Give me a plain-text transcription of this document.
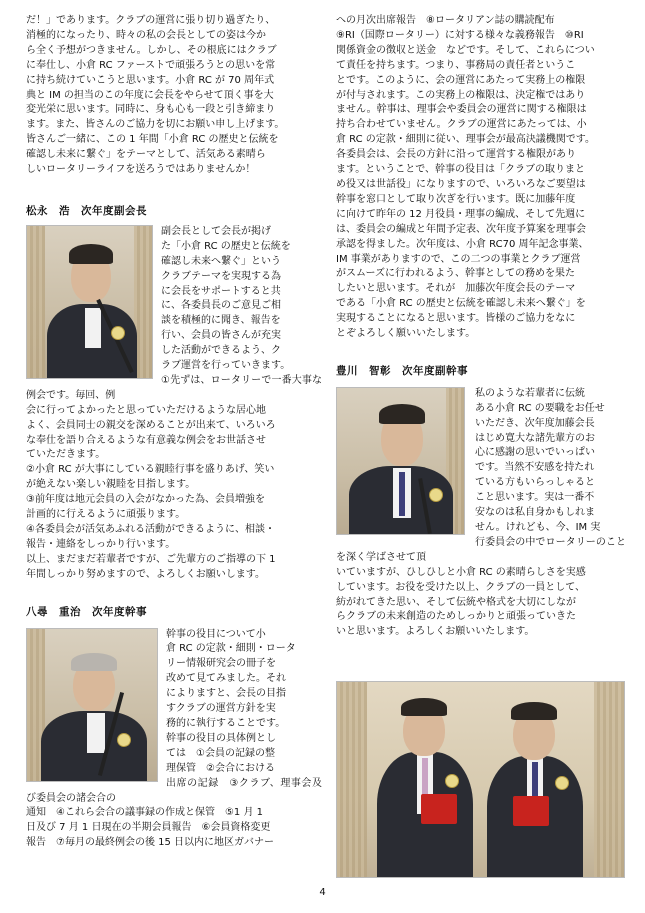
だ！」であります。クラブの運営に張り切り過ぎたり、

消極的になったり、時々の私の会長としての姿は今か

ら全く予想がつきません。しかし、その根底にはクラブ

に奉仕し、小倉 RC ファーストで頑張ろうとの思いを常

に持ち続けていこうと思います。小倉 RC が 70 周年式

典と IM の担当のこの年度に会長をやらせて頂く事を大

変光栄に思います。同時に、身も心も一段と引き締まり

ます。また、皆さんのご協力を切にお願い申し上げます。

皆さんご一緒に、この 1 年間「小倉 RC の歴史と伝統を

確認し未来に繋ぐ」をテーマとして、活気ある素晴ら

しいロータリーライフを送ろうではありませんか！

松永　浩　次年度副会長

副会長として会長が掲げ

た「小倉 RC の歴史と伝統を

確認し未来へ繋ぐ」という

クラブテーマを実現する為

に会長をサポートすると共

に、各委員長のご意見ご相

談を積極的に聞き、報告を

行い、会員の皆さんが充実

した活動ができるよう、ク

ラブ運営を行っていきます。

①先ずは、ロータリーで一番大事な例会です。毎回、例

会に行ってよかったと思っていただけるような居心地

よく、会員同士の親交を深めることが出来て、いろいろ

な奉仕を語り合えるような有意義な例会をお世話させ

ていただきます。

②小倉 RC が大事にしている親睦行事を盛りあげ、笑い

が絶えない楽しい親睦を目指します。

③前年度は地元会員の入会がなかった為、会員増強を

計画的に行えるように頑張ります。

④各委員会が活気あふれる活動ができるように、相談・

報告・連絡をしっかり行います。

以上、まだまだ若輩者ですが、ご先輩方のご指導の下 1

年間しっかり努めますので、よろしくお願いします。

八尋　重治　次年度幹事

幹事の役目について小

倉 RC の定款・細則・ロータ

リー情報研究会の冊子を

改めて見てみました。それ

によりますと、会長の目指

すクラブの運営方針を実

務的に執行することです。

幹事の役目の具体例とし

ては　①会員の記録の整

理保管　②会合における

出席の記録　③クラブ、理事会及び委員会の諸会合の

通知　④これら会合の議事録の作成と保管　⑤1 月 1

日及び 7 月 1 日現在の半期会員報告　⑥会員資格変更

報告　⑦毎月の最終例会の後 15 日以内に地区ガバナー

への月次出席報告　⑧ロータリアン誌の購読配布

⑨RI（国際ロータリー）に対する様々な義務報告　⑩RI

関係資金の徴収と送金　などです。そして、これらについ

て責任を持ちます。つまり、事務局の責任者というこ

とです。このように、会の運営にあたって実務上の権限

が付与されます。この実務上の権限は、決定権ではあり

ません。幹事は、理事会や委員会の運営に関する権限は

持ち合わせていません。クラブの運営にあたっては、小

倉 RC の定款・細則に従い、理事会が最高決議機関です。

各委員会は、会長の方針に沿って運営する権限があり

ます。ということで、幹事の役目は「クラブの取りまと

め役又は世話役」になりますので、いろいろなご要望は

幹事を窓口として取り次ぎを行います。既に加藤年度

に向けて昨年の 12 月役員・理事の編成、そして先週に

は、委員会の編成と年間予定表、次年度予算案を理事会

承認を得ました。次年度は、小倉 RC70 周年記念事業、

IM 事業がありますので、この二つの事業とクラブ運営

がスムーズに行われるよう、幹事としての務めを果た

したいと思います。それが　加藤次年度会長のテーマ

である「小倉 RC の歴史と伝統を確認し未来へ繋ぐ」を

実現することになると思います。皆様のご協力をなに

とぞよろしく願いいたします。

豊川　智彰　次年度副幹事

私のような若輩者に伝統

ある小倉 RC の要職をお任せ

いただき、次年度加藤会長

はじめ寛大な諸先輩方のお

心に感謝の思いでいっぱい

です。当然不安感を持たれ

ている方もいらっしゃると

こと思います。実は一番不

安なのは私自身かもしれま

せん。けれども、今、IM 実

行委員会の中でロータリーのことを深く学ばさせて頂

いていますが、ひしひしと小倉 RC の素晴らしさを実感

しています。お役を受けた以上、クラブの一員として、

紡がれてきた思い、そして伝統や格式を大切にしなが

らクラブの未来創造のためしっかりと頑張っていきた

いと思います。よろしくお願いいたします。

4
